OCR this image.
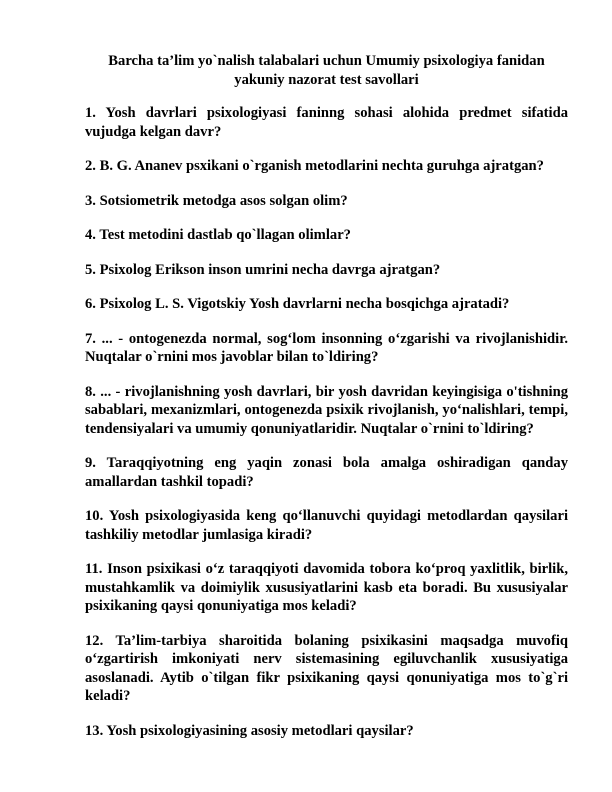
Barcha ta’lim yo`nalish talabalari uchun Umumiy psixologiya fanidan yakuniy nazorat test savollari
1. Yosh davrlari psixologiyasi faninng sohasi alohida predmet sifatida vujudga kelgan davr?
2. B. G. Ananev psxikani o`rganish metodlarini nechta guruhga ajratgan?
3. Sotsiometrik metodga asos solgan olim?
4. Test metodini dastlab qo`llagan olimlar?
5. Psixolog Erikson inson umrini necha davrga ajratgan?
6. Psixolog L. S. Vigotskiy Yosh davrlarni necha bosqichga ajratadi?
7. ... - ontogenezda normal, sog‘lom insonning o‘zgarishi va rivojlanishidir. Nuqtalar o`rnini mos javoblar bilan to`ldiring?
8. ... - rivojlanishning yosh davrlari, bir yosh davridan keyingisiga o'tishning sabablari, mexanizmlari, ontogenezda psixik rivojlanish, yo‘nalishlari, tempi, tendensiyalari va umumiy qonuniyatlaridir. Nuqtalar o`rnini to`ldiring?
9. Taraqqiyotning eng yaqin zonasi bola amalga oshiradigan qanday amallardan tashkil topadi?
10. Yosh psixologiyasida keng qo‘llanuvchi quyidagi metodlardan qaysilari tashkiliy metodlar jumlasiga kiradi?
11. Inson psixikasi o‘z taraqqiyoti davomida tobora ko‘proq yaxlitlik, birlik, mustahkamlik va doimiylik xususiyatlarini kasb eta boradi. Bu xususiyalar psixikaning qaysi qonuniyatiga mos keladi?
12. Ta’lim-tarbiya sharoitida bolaning psixikasini maqsadga muvofiq o‘zgartirish imkoniyati nerv sistemasining egiluvchanlik xususiyatiga asoslanadi. Aytib o`tilgan fikr psixikaning qaysi qonuniyatiga mos to`g`ri keladi?
13. Yosh psixologiyasining asosiy metodlari qaysilar?
